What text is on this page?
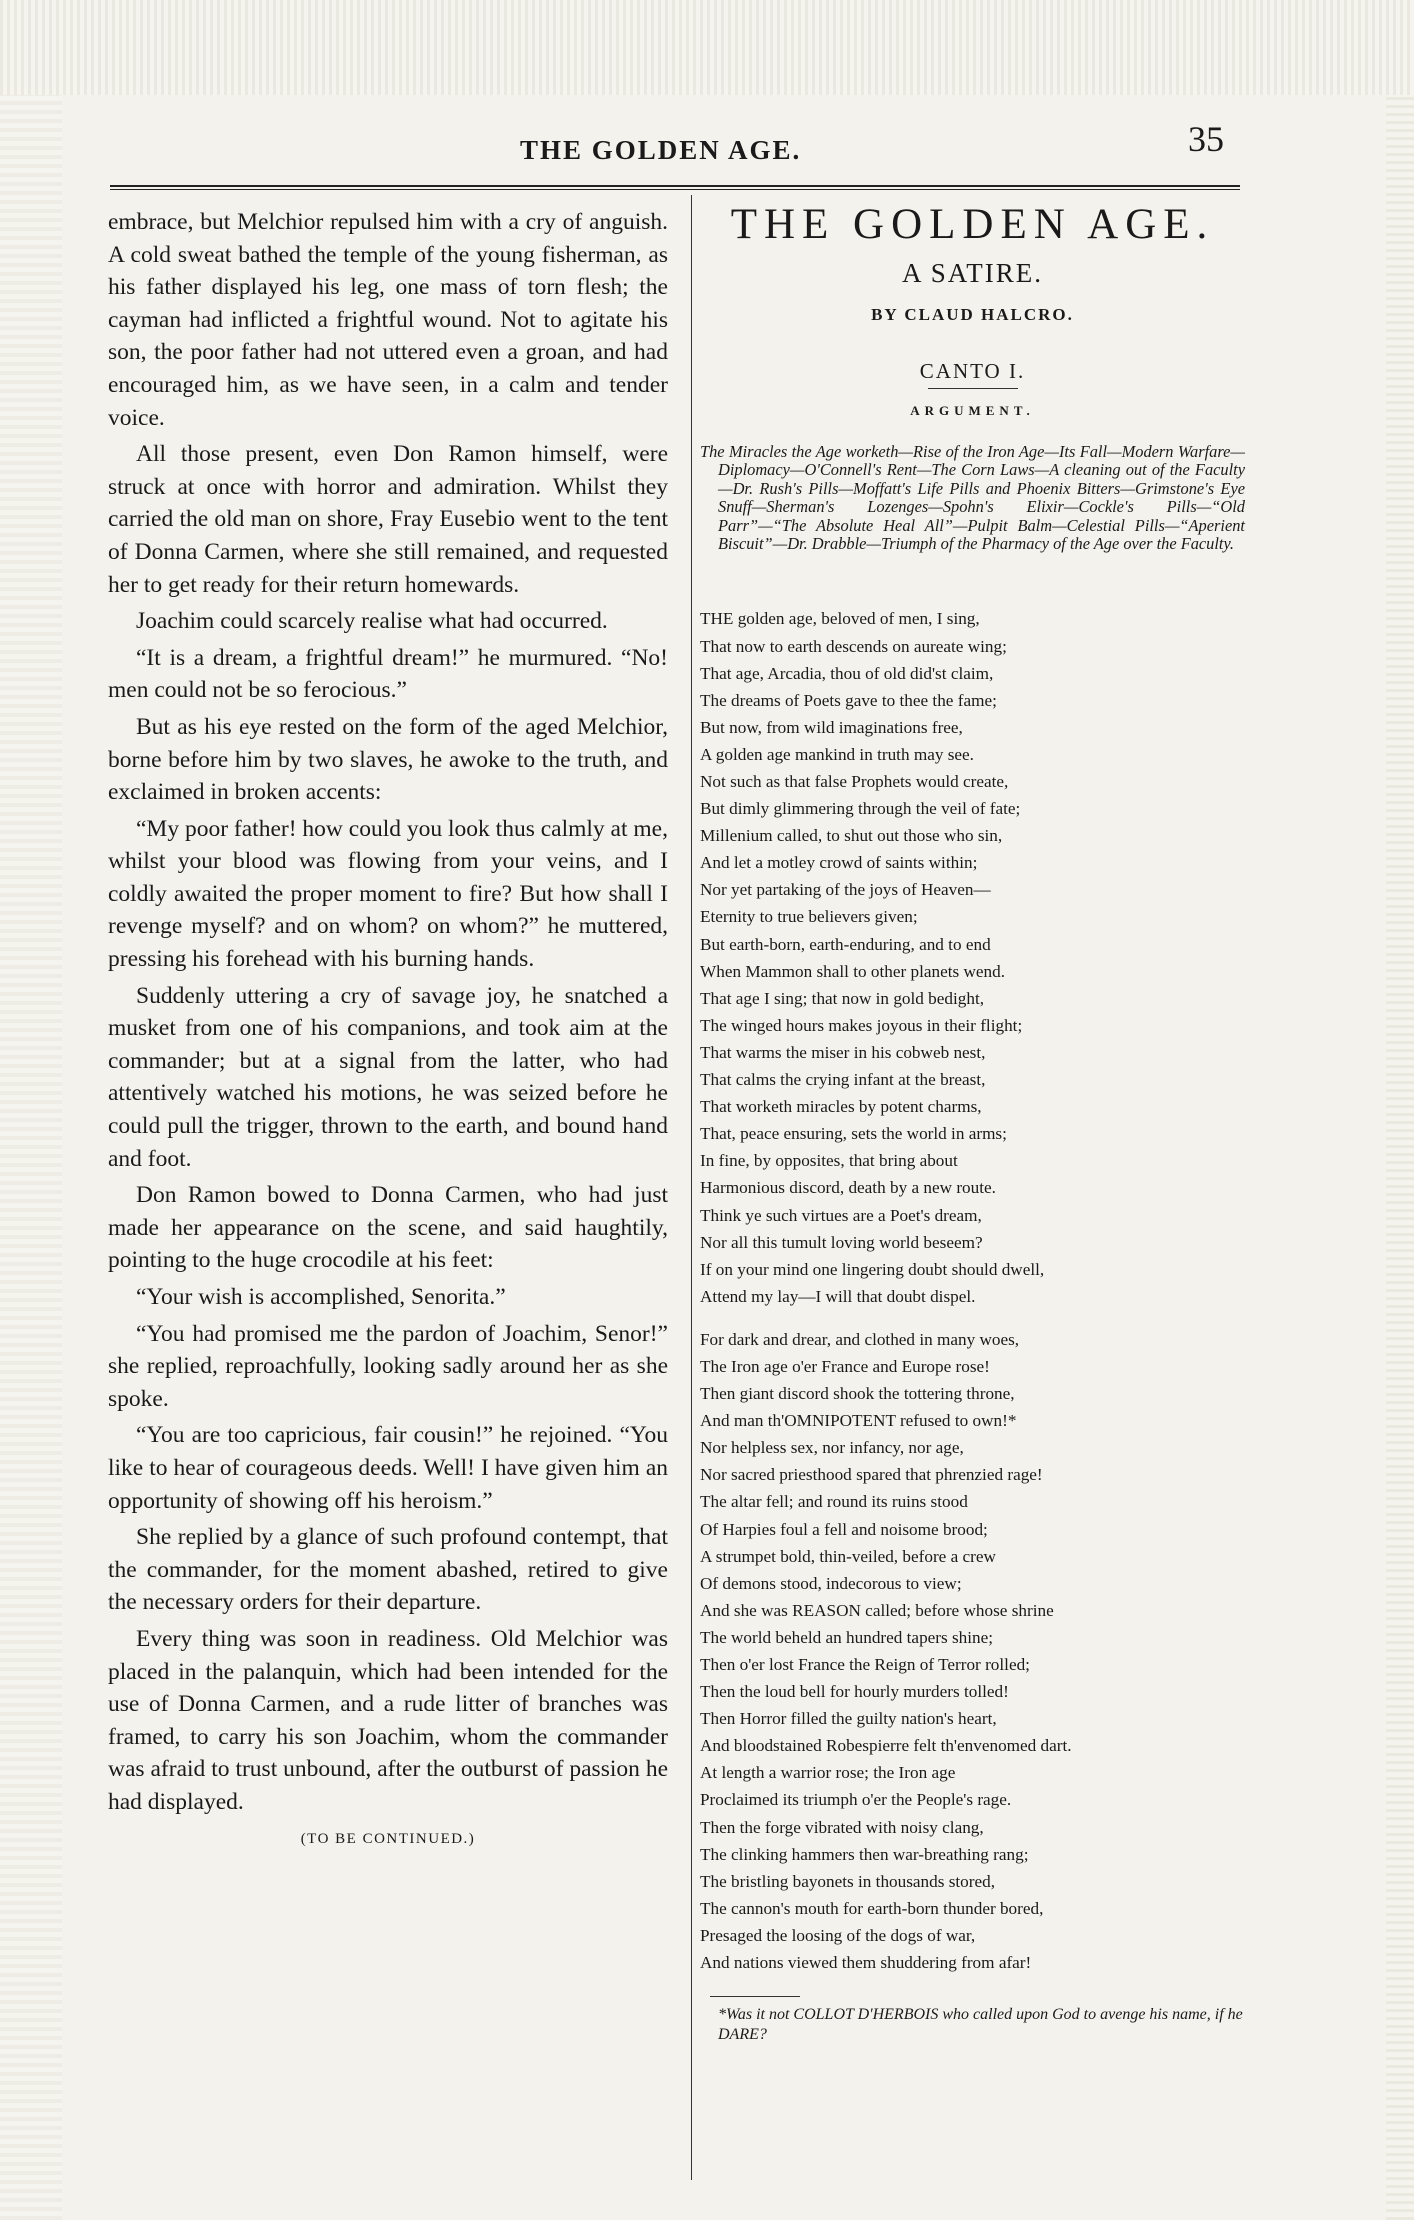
THE GOLDEN AGE.	35

embrace, but Melchior repulsed him with a cry of anguish. A cold sweat bathed the temple of the young fisherman, as his father displayed his leg, one mass of torn flesh; the cayman had inflicted a frightful wound. Not to agitate his son, the poor father had not uttered even a groan, and had encouraged him, as we have seen, in a calm and tender voice.

All those present, even Don Ramon himself, were struck at once with horror and admiration. Whilst they carried the old man on shore, Fray Eusebio went to the tent of Donna Carmen, where she still remained, and requested her to get ready for their return homewards.

Joachim could scarcely realise what had occurred.

“It is a dream, a frightful dream!” he murmured. “No! men could not be so ferocious.”

But as his eye rested on the form of the aged Melchior, borne before him by two slaves, he awoke to the truth, and exclaimed in broken accents:

“My poor father! how could you look thus calmly at me, whilst your blood was flowing from your veins, and I coldly awaited the proper moment to fire? But how shall I revenge myself? and on whom? on whom?” he muttered, pressing his forehead with his burning hands.

Suddenly uttering a cry of savage joy, he snatched a musket from one of his companions, and took aim at the commander; but at a signal from the latter, who had attentively watched his motions, he was seized before he could pull the trigger, thrown to the earth, and bound hand and foot.

Don Ramon bowed to Donna Carmen, who had just made her appearance on the scene, and said haughtily, pointing to the huge crocodile at his feet:

“Your wish is accomplished, Senorita.”

“You had promised me the pardon of Joachim, Senor!” she replied, reproachfully, looking sadly around her as she spoke.

“You are too capricious, fair cousin!” he rejoined. “You like to hear of courageous deeds. Well! I have given him an opportunity of showing off his heroism.”

She replied by a glance of such profound contempt, that the commander, for the moment abashed, retired to give the necessary orders for their departure.

Every thing was soon in readiness. Old Melchior was placed in the palanquin, which had been intended for the use of Donna Carmen, and a rude litter of branches was framed, to carry his son Joachim, whom the commander was afraid to trust unbound, after the outburst of passion he had displayed.

(TO BE CONTINUED.)
THE GOLDEN AGE.
A SATIRE.
BY CLAUD HALCRO.
CANTO I.
ARGUMENT.
The Miracles the Age worketh—Rise of the Iron Age—Its Fall—Modern Warfare—Diplomacy—O'Connell's Rent—The Corn Laws—A cleaning out of the Faculty—Dr. Rush's Pills—Moffatt's Life Pills and Phoenix Bitters—Grimstone's Eye Snuff—Sherman's Lozenges—Spohn's Elixir—Cockle's Pills—“Old Parr”—“The Absolute Heal All”—Pulpit Balm—Celestial Pills—“Aperient Biscuit”—Dr. Drabble—Triumph of the Pharmacy of the Age over the Faculty.
THE golden age, beloved of men, I sing,
That now to earth descends on aureate wing;
That age, Arcadia, thou of old did'st claim,
The dreams of Poets gave to thee the fame;
But now, from wild imaginations free,
A golden age mankind in truth may see.
Not such as that false Prophets would create,
But dimly glimmering through the veil of fate;
Millenium called, to shut out those who sin,
And let a motley crowd of saints within;
Nor yet partaking of the joys of Heaven—
Eternity to true believers given;
But earth-born, earth-enduring, and to end
When Mammon shall to other planets wend.
That age I sing; that now in gold bedight,
The winged hours makes joyous in their flight;
That warms the miser in his cobweb nest,
That calms the crying infant at the breast,
That worketh miracles by potent charms,
That, peace ensuring, sets the world in arms;
In fine, by opposites, that bring about
Harmonious discord, death by a new route.
Think ye such virtues are a Poet's dream,
Nor all this tumult loving world beseem?
If on your mind one lingering doubt should dwell,
Attend my lay—I will that doubt dispel.
For dark and drear, and clothed in many woes,
The Iron age o'er France and Europe rose!
Then giant discord shook the tottering throne,
And man th'OMNIPOTENT refused to own!*
Nor helpless sex, nor infancy, nor age,
Nor sacred priesthood spared that phrenzied rage!
The altar fell; and round its ruins stood
Of Harpies foul a fell and noisome brood;
A strumpet bold, thin-veiled, before a crew
Of demons stood, indecorous to view;
And she was REASON called; before whose shrine
The world beheld an hundred tapers shine;
Then o'er lost France the Reign of Terror rolled;
Then the loud bell for hourly murders tolled!
Then Horror filled the guilty nation's heart,
And bloodstained Robespierre felt th'envenomed dart.
At length a warrior rose; the Iron age
Proclaimed its triumph o'er the People's rage.
Then the forge vibrated with noisy clang,
The clinking hammers then war-breathing rang;
The bristling bayonets in thousands stored,
The cannon's mouth for earth-born thunder bored,
Presaged the loosing of the dogs of war,
And nations viewed them shuddering from afar!
*Was it not COLLOT D'HERBOIS who called upon God to avenge his name, if he DARE?
